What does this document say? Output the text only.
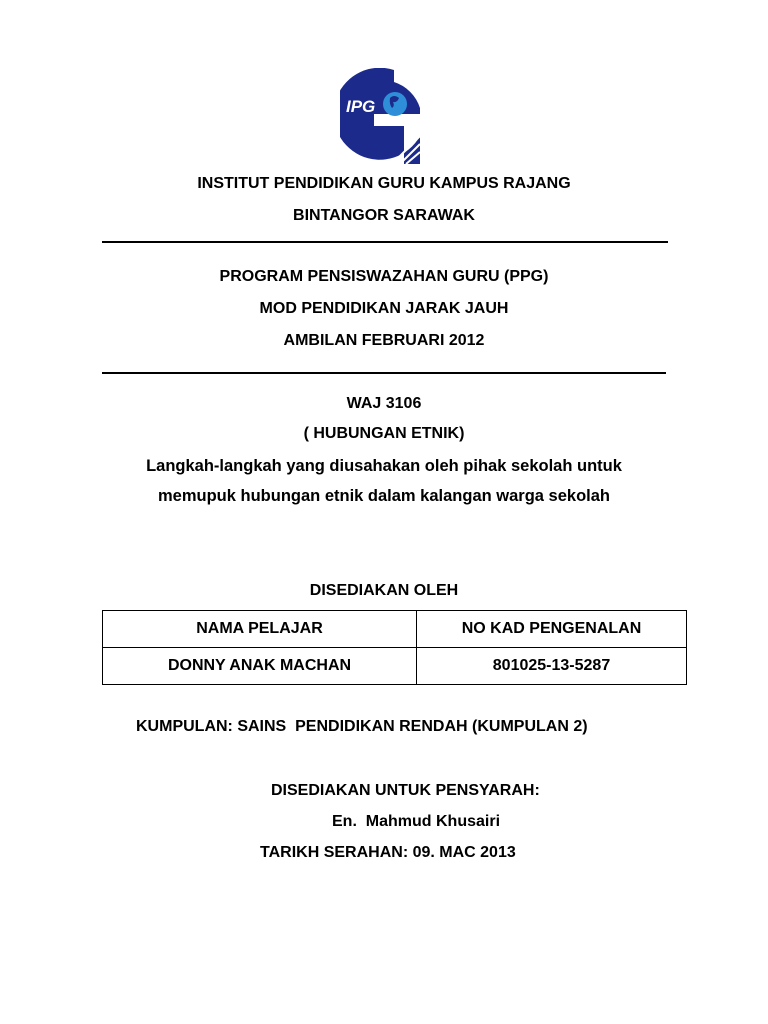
IPG
INSTITUT PENDIDIKAN GURU KAMPUS RAJANG
BINTANGOR SARAWAK
PROGRAM PENSISWAZAHAN GURU (PPG)
MOD PENDIDIKAN JARAK JAUH
AMBILAN FEBRUARI 2012
WAJ 3106
( HUBUNGAN ETNIK)
Langkah-langkah yang diusahakan oleh pihak sekolah untuk
memupuk hubungan etnik dalam kalangan warga sekolah
DISEDIAKAN OLEH
NAMA PELAJAR	NO KAD PENGENALAN
DONNY ANAK MACHAN	801025-13-5287
KUMPULAN: SAINS  PENDIDIKAN RENDAH (KUMPULAN 2)
DISEDIAKAN UNTUK PENSYARAH:
En.  Mahmud Khusairi
TARIKH SERAHAN: 09. MAC 2013
